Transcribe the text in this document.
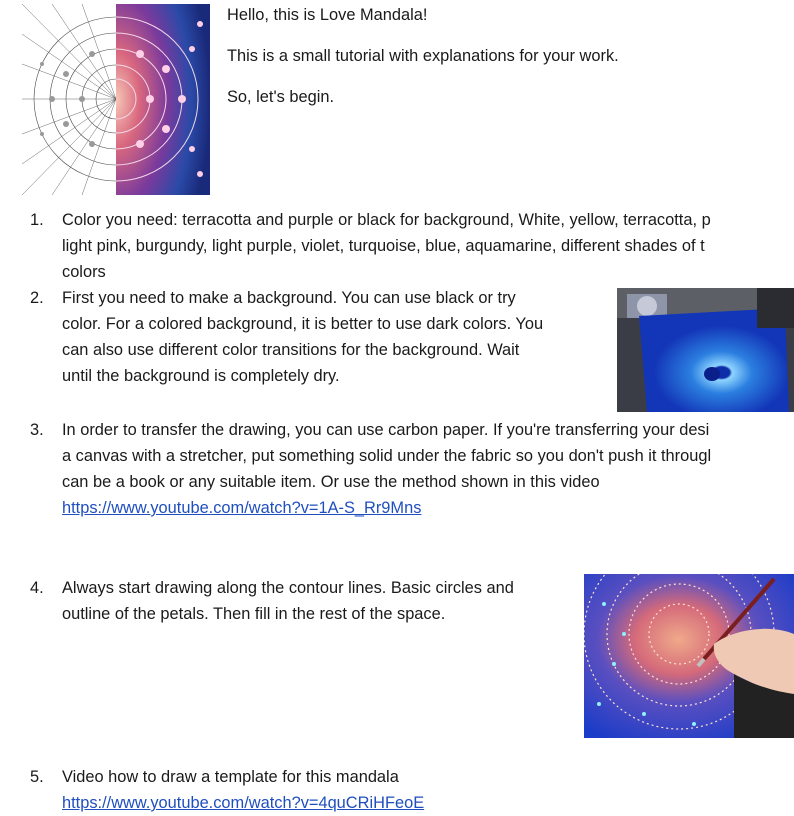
Hello, this is Love Mandala!
This is a small tutorial with explanations for your work.
So, let's begin.
1. Color you need: terracotta and purple or black for background, White, yellow, terracotta, p
light pink, burgundy, light purple, violet, turquoise, blue, aquamarine, different shades of t
colors
2. First you need to make a background. You can use black or try
color. For a colored background, it is better to use dark colors. You
can also use different color transitions for the background. Wait
until the background is completely dry.
3. In order to transfer the drawing, you can use carbon paper. If you're transferring your desi
a canvas with a stretcher, put something solid under the fabric so you don't push it througl
can be a book or any suitable item. Or use the method shown in this video
https://www.youtube.com/watch?v=1A-S_Rr9Mns
4. Always start drawing along the contour lines. Basic circles and
outline of the petals. Then fill in the rest of the space.
5. Video how to draw a template for this mandala
https://www.youtube.com/watch?v=4quCRiHFeoE
